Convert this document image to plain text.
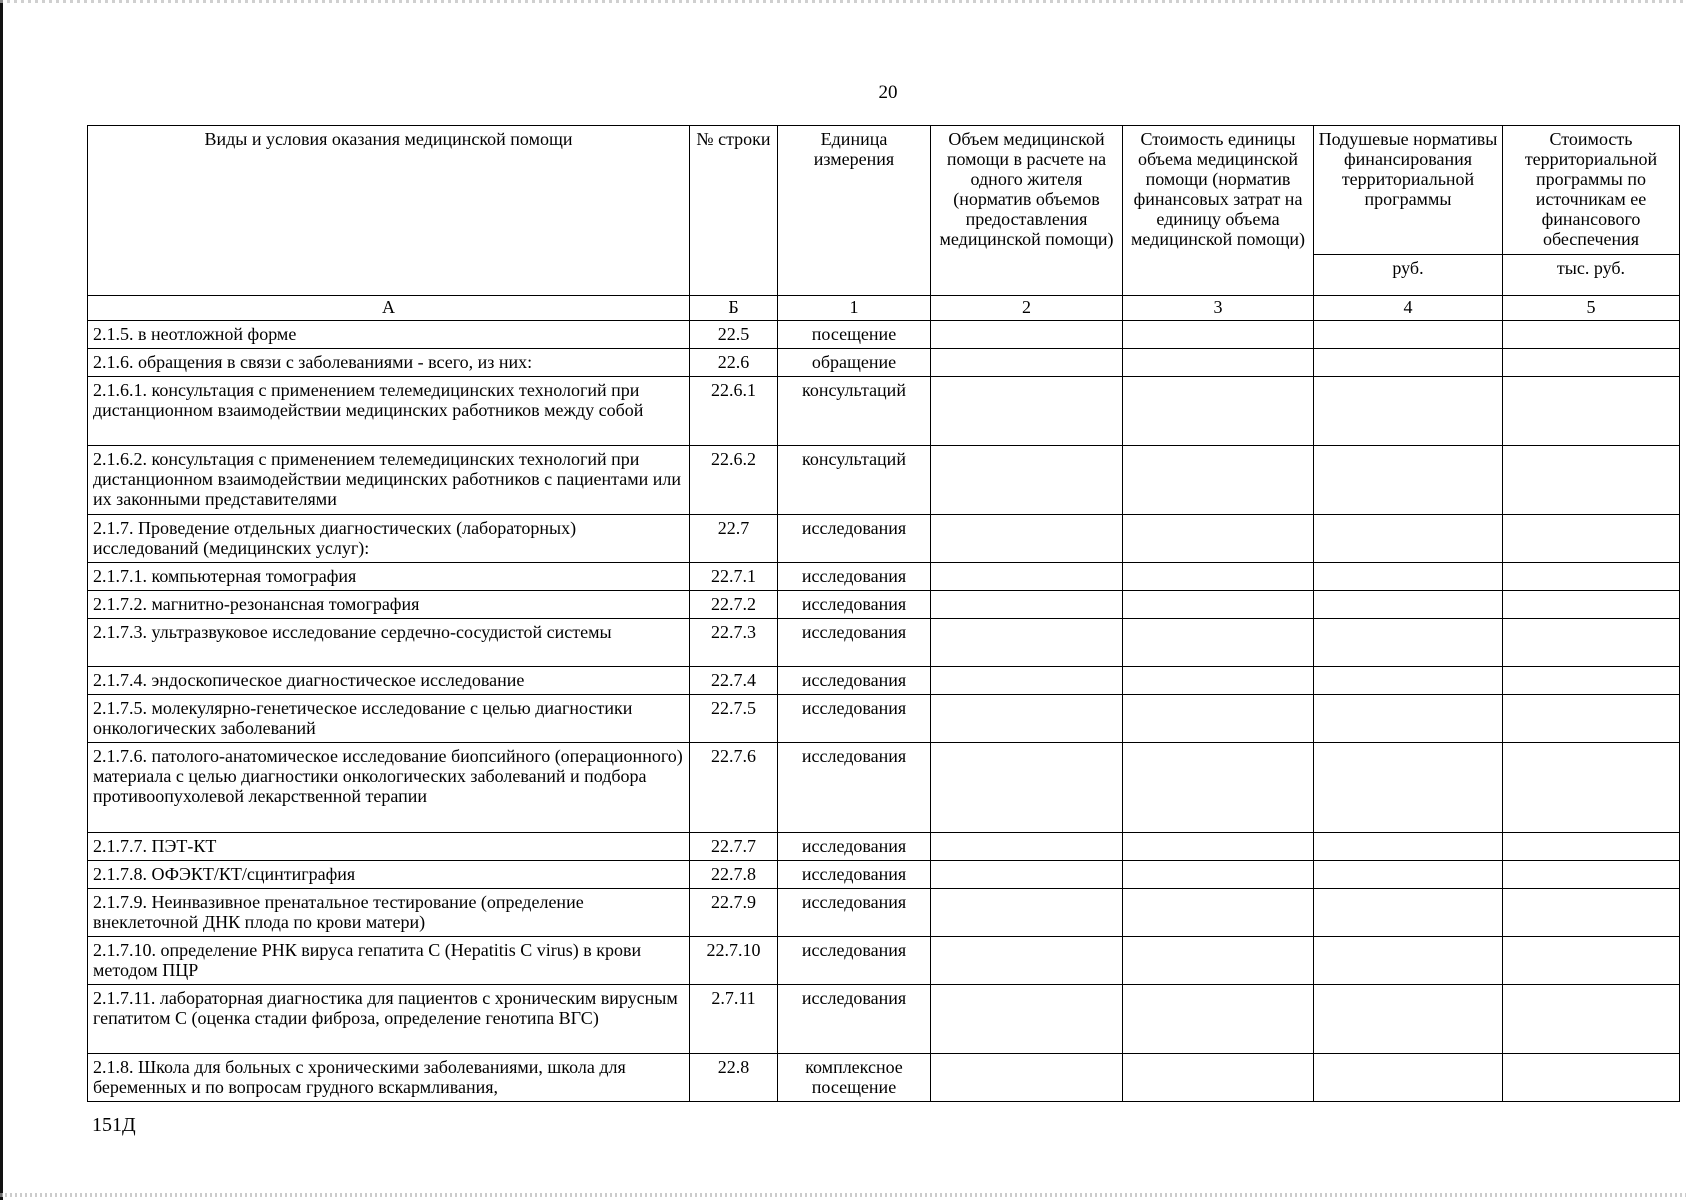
20
Виды и условия оказания медицинской помощи	№ строки	Единица измерения	Объем медицинской помощи в расчете на одного жителя (норматив объемов предоставления медицинской помощи)	Стоимость единицы объема медицинской помощи (норматив финансовых затрат на единицу объема медицинской помощи)	Подушевые нормативы финансирования территориальной программы	Стоимость территориальной программы по источникам ее финансового обеспечения
					руб.	тыс. руб.
А	Б	1	2	3	4	5
2.1.5. в неотложной форме	22.5	посещение				
2.1.6. обращения в связи с заболеваниями - всего, из них:	22.6	обращение				
2.1.6.1. консультация с применением телемедицинских технологий при дистанционном взаимодействии медицинских работников между собой	22.6.1	консультаций				
2.1.6.2. консультация с применением телемедицинских технологий при дистанционном взаимодействии медицинских работников с пациентами или их законными представителями	22.6.2	консультаций				
2.1.7. Проведение отдельных диагностических (лабораторных) исследований (медицинских услуг):	22.7	исследования				
2.1.7.1. компьютерная томография	22.7.1	исследования				
2.1.7.2. магнитно-резонансная томография	22.7.2	исследования				
2.1.7.3. ультразвуковое исследование сердечно-сосудистой системы	22.7.3	исследования				
2.1.7.4. эндоскопическое диагностическое исследование	22.7.4	исследования				
2.1.7.5. молекулярно-генетическое исследование с целью диагностики онкологических заболеваний	22.7.5	исследования				
2.1.7.6. патолого-анатомическое исследование биопсийного (операционного) материала с целью диагностики онкологических заболеваний и подбора противоопухолевой лекарственной терапии	22.7.6	исследования				
2.1.7.7. ПЭТ-КТ	22.7.7	исследования				
2.1.7.8. ОФЭКТ/КТ/сцинтиграфия	22.7.8	исследования				
2.1.7.9. Неинвазивное пренатальное тестирование (определение внеклеточной ДНК плода по крови матери)	22.7.9	исследования				
2.1.7.10. определение РНК вируса гепатита С (Hepatitis C virus) в крови методом ПЦР	22.7.10	исследования				
2.1.7.11. лабораторная диагностика для пациентов с хроническим вирусным гепатитом С (оценка стадии фиброза, определение генотипа ВГС)	2.7.11	исследования				
2.1.8. Школа для больных с хроническими заболеваниями, школа для беременных и по вопросам грудного вскармливания,	22.8	комплексное посещение				
151Д
